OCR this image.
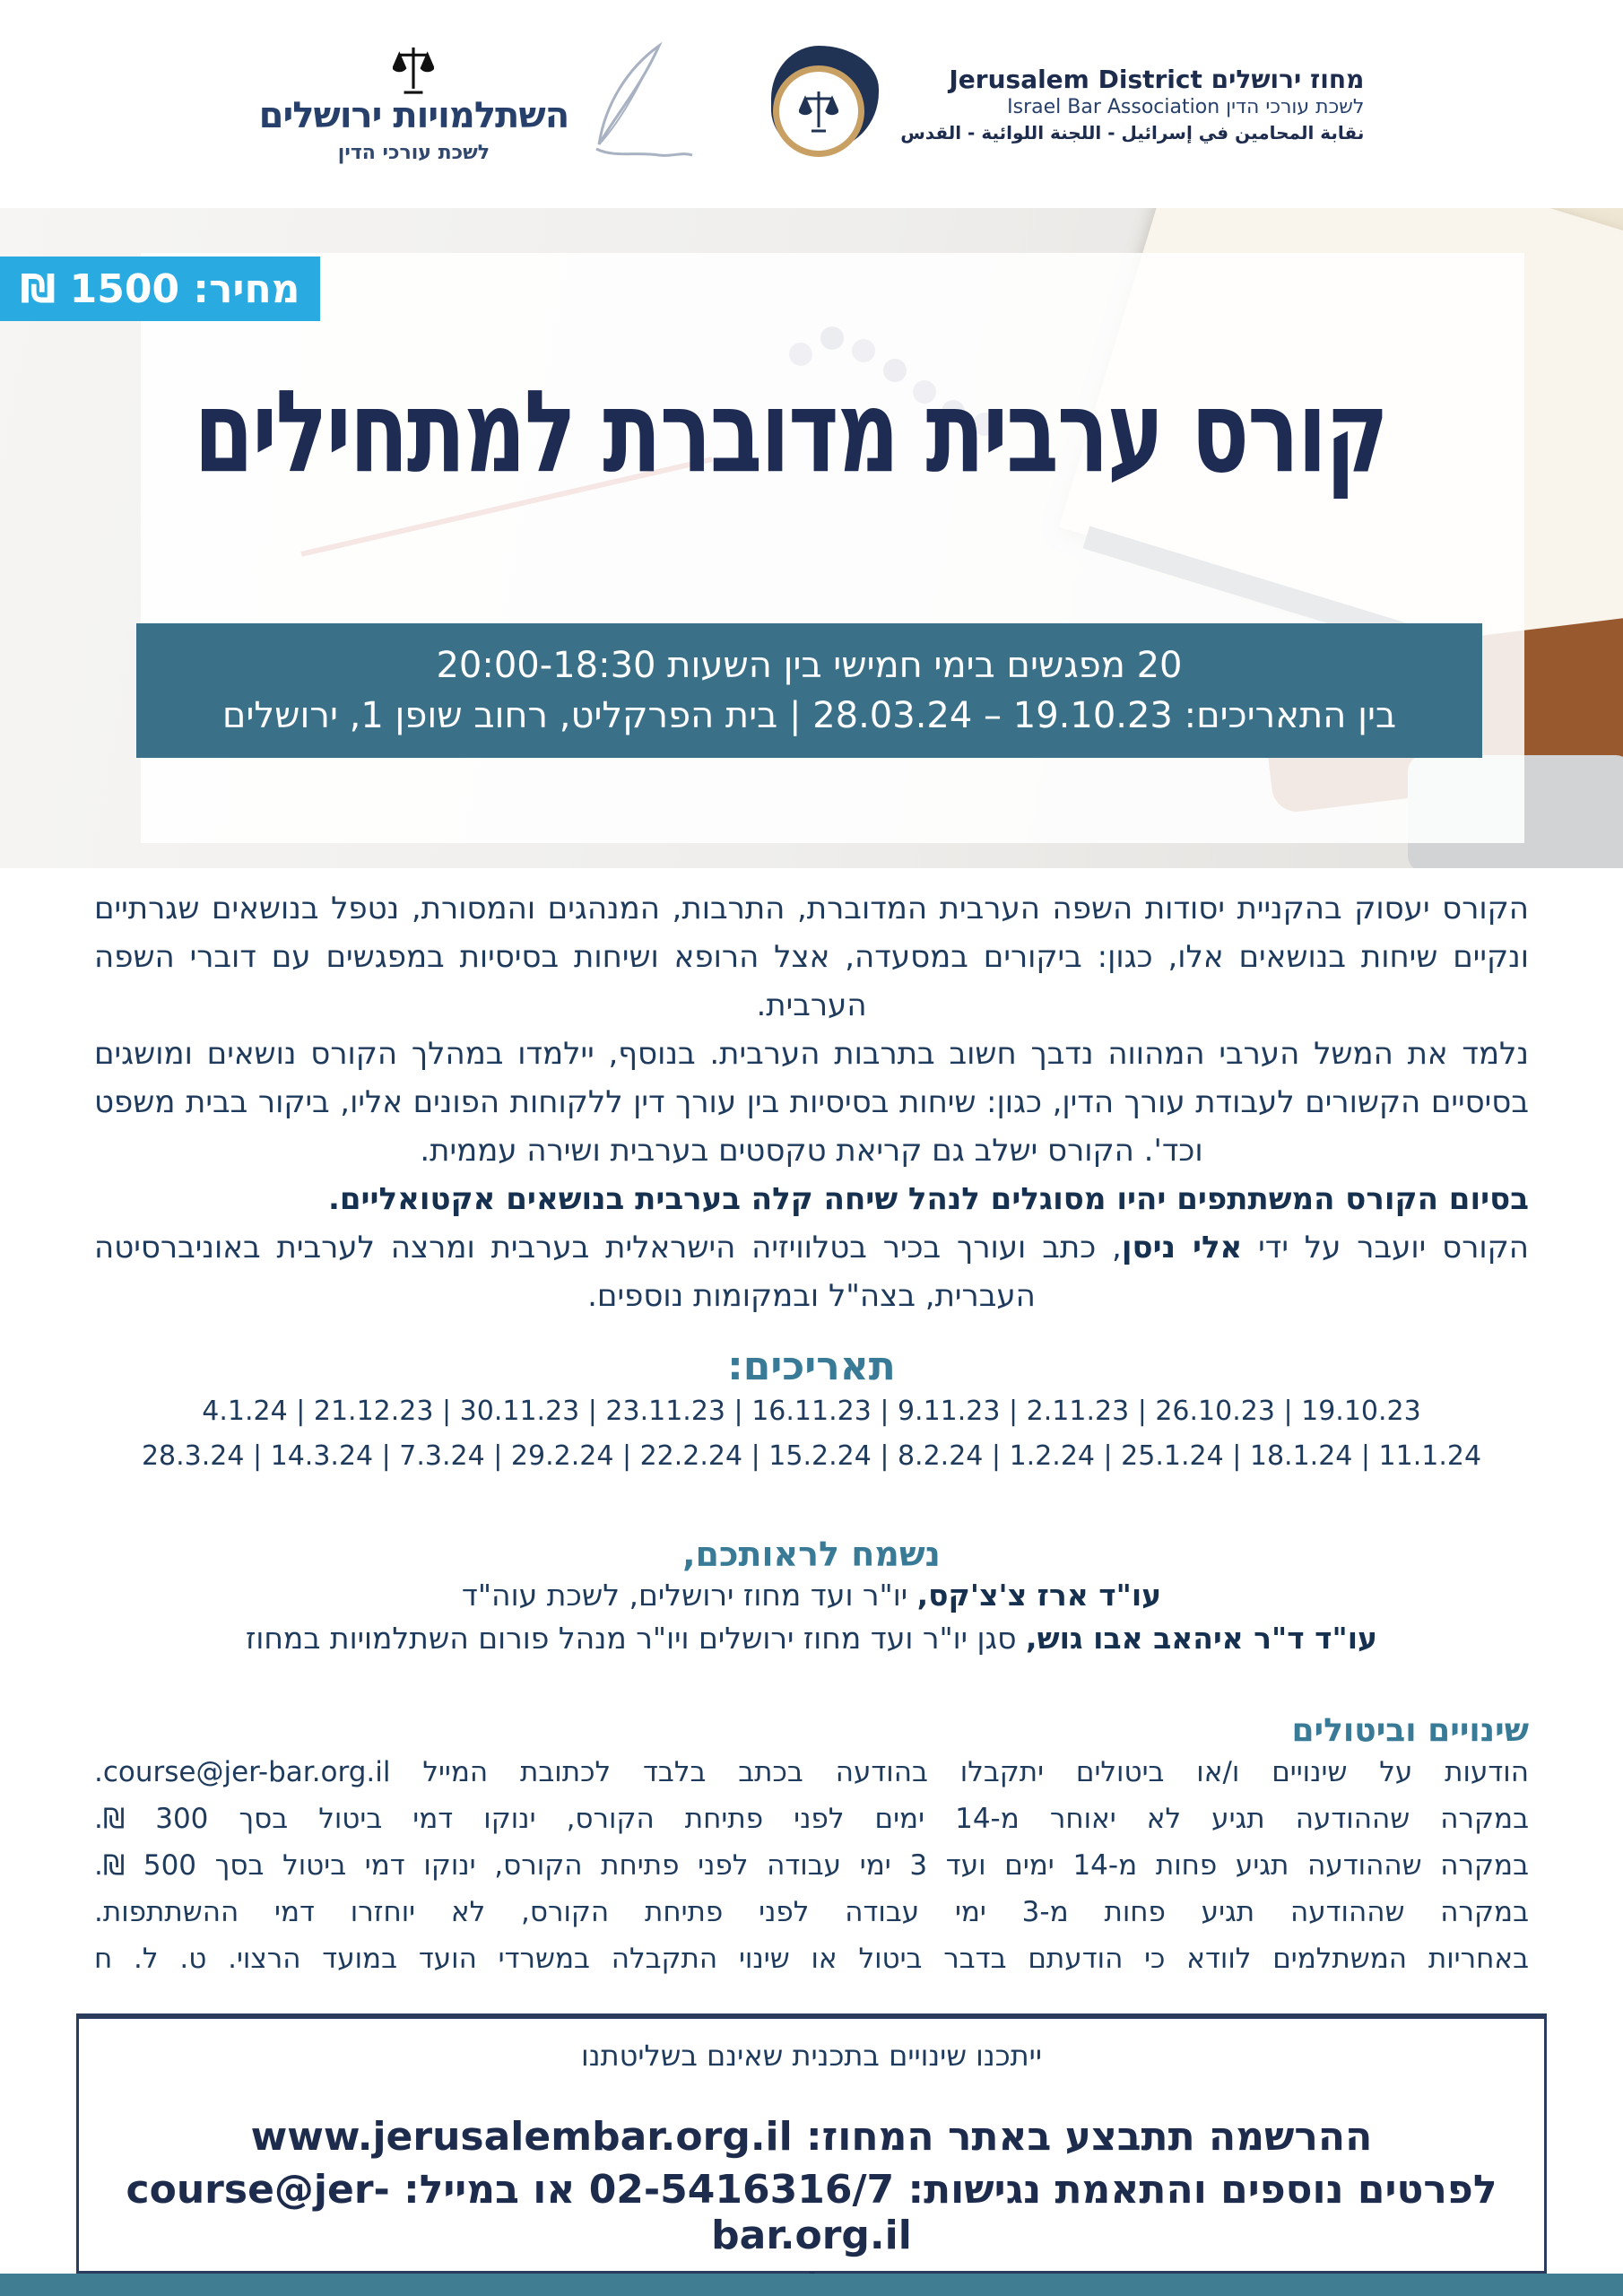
מחוז ירושלים Jerusalem District
לשכת עורכי הדין Israel Bar Association
نقابة المحامين في إسرائيل - اللجنة اللوائية - القدس
השתלמויות ירושלים
לשכת עורכי הדין
מחיר: 1500 ₪
קורס ערבית מדוברת למתחילים
20 מפגשים בימי חמישי בין השעות 20:00-18:30
בין התאריכים: 19.10.23 – 28.03.24 | בית הפרקליט, רחוב שופן 1, ירושלים

הקורס יעסוק בהקניית יסודות השפה הערבית המדוברת, התרבות, המנהגים והמסורת, נטפל בנושאים שגרתיים ונקיים שיחות בנושאים אלו, כגון: ביקורים במסעדה, אצל הרופא ושיחות בסיסיות במפגשים עם דוברי השפה הערבית.

נלמד את המשל הערבי המהווה נדבך חשוב בתרבות הערבית. בנוסף, יילמדו במהלך הקורס נושאים ומושגים בסיסיים הקשורים לעבודת עורך הדין, כגון: שיחות בסיסיות בין עורך דין ללקוחות הפונים אליו, ביקור בבית משפט וכד'. הקורס ישלב גם קריאת טקסטים בערבית ושירה עממית.

בסיום הקורס המשתתפים יהיו מסוגלים לנהל שיחה קלה בערבית בנושאים אקטואליים.

הקורס יועבר על ידי אלי ניסן, כתב ועורך בכיר בטלוויזיה הישראלית בערבית ומרצה לערבית באוניברסיטה העברית, בצה"ל ובמקומות נוספים.

תאריכים:
4.1.24 | 21.12.23 | 30.11.23 | 23.11.23 | 16.11.23 | 9.11.23 | 2.11.23 | 26.10.23 | 19.10.23
28.3.24 | 14.3.24 | 7.3.24 | 29.2.24 | 22.2.24 | 15.2.24 | 8.2.24 | 1.2.24 | 25.1.24 | 18.1.24 | 11.1.24
נשמח לראותכם,
עו"ד ארז צ'צ'קס, יו"ר ועד מחוז ירושלים, לשכת עוה"ד
עו"ד ד"ר איהאב אבו גוש, סגן יו"ר ועד מחוז ירושלים ויו"ר מנהל פורום השתלמויות במחוז
שינויים וביטולים
הודעות על שינויים ו/או ביטולים יתקבלו בהודעה בכתב בלבד לכתובת המייל course@jer-bar.org.il.
במקרה שההודעה תגיע לא יאוחר מ-14 ימים לפני פתיחת הקורס, ינוקו דמי ביטול בסך 300 ₪.
במקרה שההודעה תגיע פחות מ-14 ימים ועד 3 ימי עבודה לפני פתיחת הקורס, ינוקו דמי ביטול בסך 500 ₪.
במקרה שההודעה תגיע פחות מ-3 ימי עבודה לפני פתיחת הקורס, לא יוחזרו דמי ההשתתפות.
באחריות המשתלמים לוודא כי הודעתם בדבר ביטול או שינוי התקבלה במשרדי הועד במועד הרצוי. ט. ל. ח
ייתכנו שינויים בתכנית שאינם בשליטתנו
ההרשמה תתבצע באתר המחוז: www.jerusalembar.org.il
לפרטים נוספים והתאמת נגישות: 02-5416316/7 או במייל: course@jer-bar.org.il
